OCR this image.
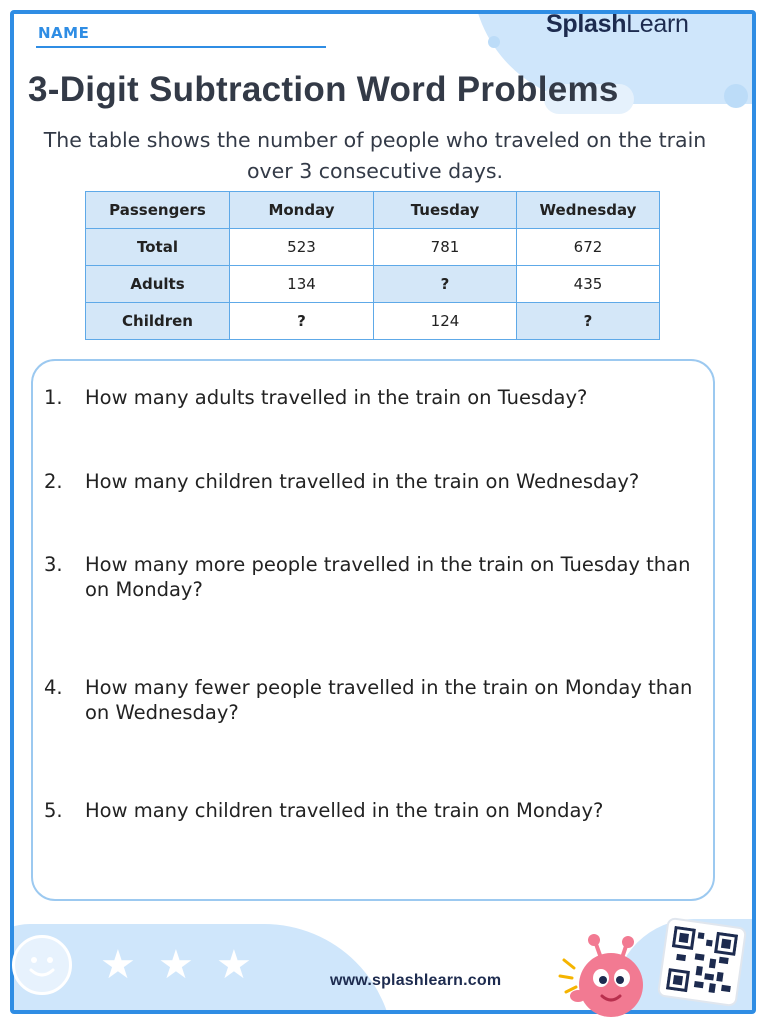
NAME	SplashLearn
3-Digit Subtraction Word Problems
The table shows the number of people who traveled on the train over 3 consecutive days.
Passengers	Monday	Tuesday	Wednesday
Total	523	781	672
Adults	134	?	435
Children	?	124	?
1. How many adults travelled in the train on Tuesday?
2. How many children travelled in the train on Wednesday?
3. How many more people travelled in the train on Tuesday than on Monday?
4. How many fewer people travelled in the train on Monday than on Wednesday?
5. How many children travelled in the train on Monday?
★ ★ ★	www.splashlearn.com
